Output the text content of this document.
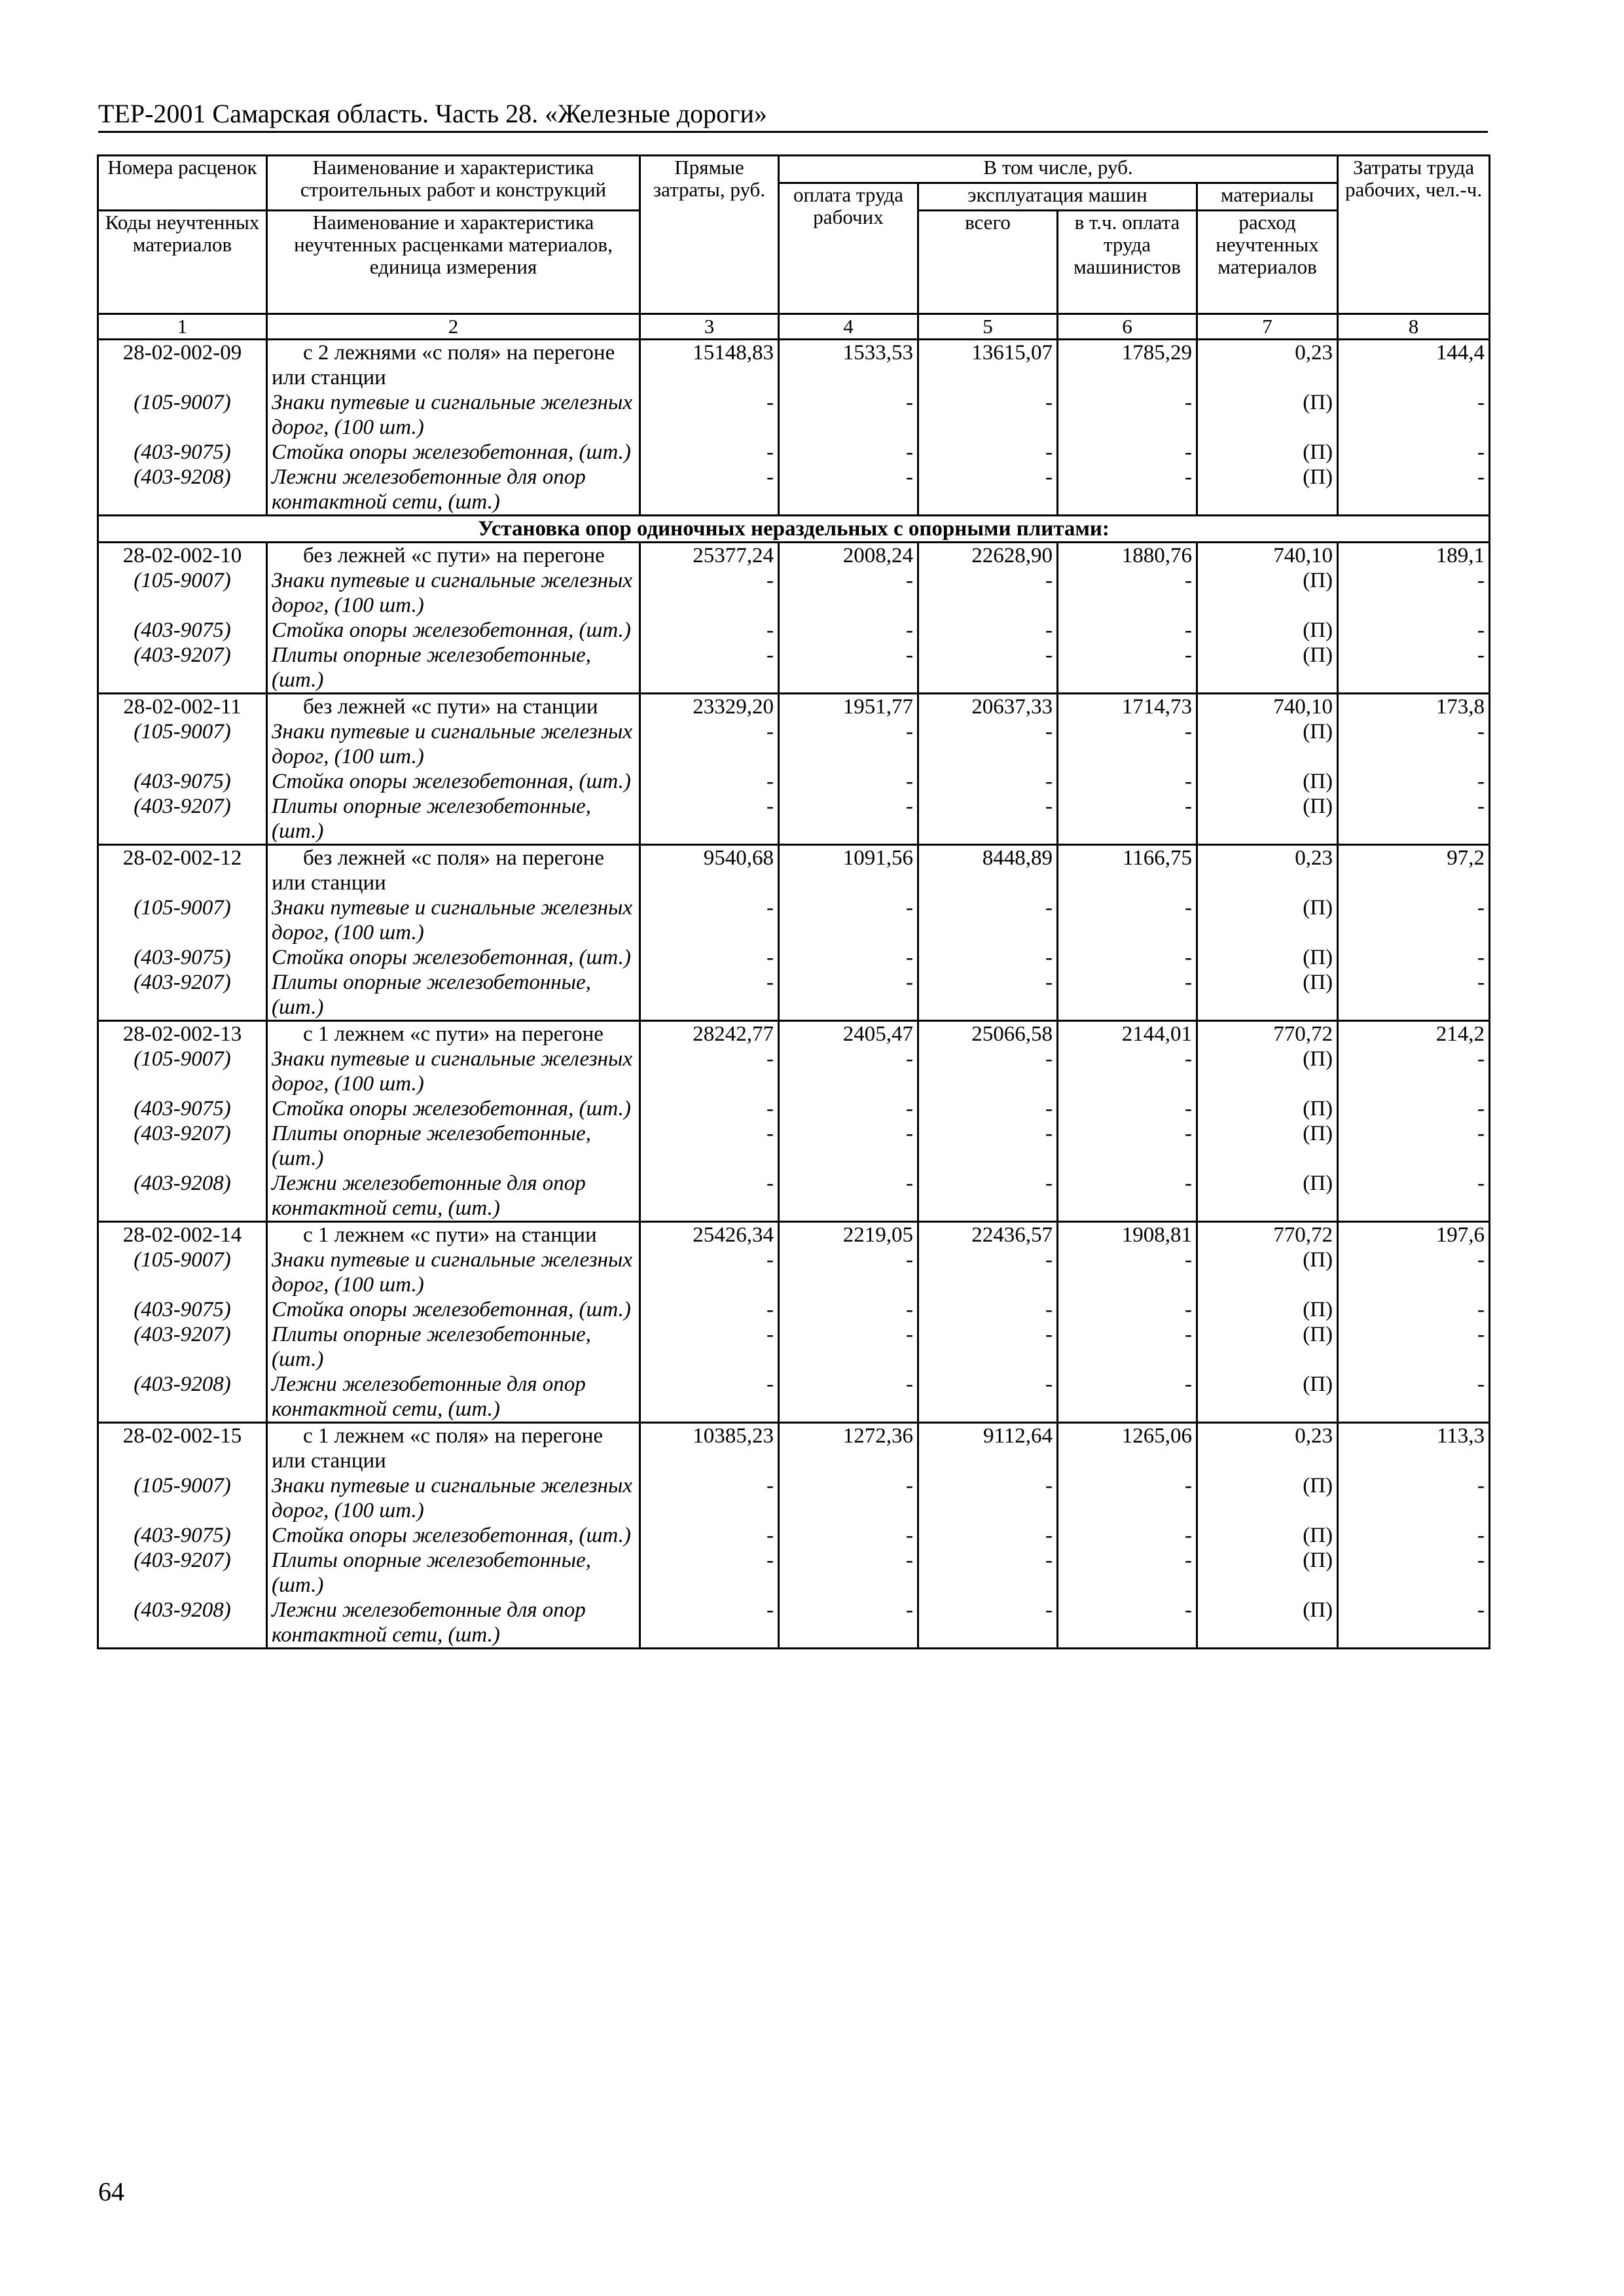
ТЕР-2001 Самарская область. Часть 28. «Железные дороги»
Номера расценок	Наименование и характеристика строительных работ и конструкций	Прямые затраты, руб.	В том числе, руб.				Затраты труда рабочих, чел.-ч.
			оплата труда рабочих	эксплуатация машин		материалы	
Коды неучтенных материалов	Наименование и характеристика неучтенных расценками материалов, единица измерения			всего	в т.ч. оплата труда машинистов	расход неучтенных материалов	
1	2	3	4	5	6	7	8
28-02-002-09	с 2 лежнями «с поля» на перегоне или станции	15148,83	1533,53	13615,07	1785,29	0,23	144,4
(105-9007)	Знаки путевые и сигнальные железных дорог, (100 шт.)	-	-	-	-	(П)	-
(403-9075)	Стойка опоры железобетонная, (шт.)	-	-	-	-	(П)	-
(403-9208)	Лежни железобетонные для опор контактной сети, (шт.)	-	-	-	-	(П)	-
Установка опор одиночных нераздельных с опорными плитами:							
28-02-002-10	без лежней «с пути» на перегоне	25377,24	2008,24	22628,90	1880,76	740,10	189,1
(105-9007)	Знаки путевые и сигнальные железных дорог, (100 шт.)	-	-	-	-	(П)	-
(403-9075)	Стойка опоры железобетонная, (шт.)	-	-	-	-	(П)	-
(403-9207)	Плиты опорные железобетонные, (шт.)	-	-	-	-	(П)	-
28-02-002-11	без лежней «с пути» на станции	23329,20	1951,77	20637,33	1714,73	740,10	173,8
(105-9007)	Знаки путевые и сигнальные железных дорог, (100 шт.)	-	-	-	-	(П)	-
(403-9075)	Стойка опоры железобетонная, (шт.)	-	-	-	-	(П)	-
(403-9207)	Плиты опорные железобетонные, (шт.)	-	-	-	-	(П)	-
28-02-002-12	без лежней «с поля» на перегоне или станции	9540,68	1091,56	8448,89	1166,75	0,23	97,2
(105-9007)	Знаки путевые и сигнальные железных дорог, (100 шт.)	-	-	-	-	(П)	-
(403-9075)	Стойка опоры железобетонная, (шт.)	-	-	-	-	(П)	-
(403-9207)	Плиты опорные железобетонные, (шт.)	-	-	-	-	(П)	-
28-02-002-13	с 1 лежнем «с пути» на перегоне	28242,77	2405,47	25066,58	2144,01	770,72	214,2
(105-9007)	Знаки путевые и сигнальные железных дорог, (100 шт.)	-	-	-	-	(П)	-
(403-9075)	Стойка опоры железобетонная, (шт.)	-	-	-	-	(П)	-
(403-9207)	Плиты опорные железобетонные, (шт.)	-	-	-	-	(П)	-
(403-9208)	Лежни железобетонные для опор контактной сети, (шт.)	-	-	-	-	(П)	-
28-02-002-14	с 1 лежнем «с пути» на станции	25426,34	2219,05	22436,57	1908,81	770,72	197,6
(105-9007)	Знаки путевые и сигнальные железных дорог, (100 шт.)	-	-	-	-	(П)	-
(403-9075)	Стойка опоры железобетонная, (шт.)	-	-	-	-	(П)	-
(403-9207)	Плиты опорные железобетонные, (шт.)	-	-	-	-	(П)	-
(403-9208)	Лежни железобетонные для опор контактной сети, (шт.)	-	-	-	-	(П)	-
28-02-002-15	с 1 лежнем «с поля» на перегоне или станции	10385,23	1272,36	9112,64	1265,06	0,23	113,3
(105-9007)	Знаки путевые и сигнальные железных дорог, (100 шт.)	-	-	-	-	(П)	-
(403-9075)	Стойка опоры железобетонная, (шт.)	-	-	-	-	(П)	-
(403-9207)	Плиты опорные железобетонные, (шт.)	-	-	-	-	(П)	-
(403-9208)	Лежни железобетонные для опор контактной сети, (шт.)	-	-	-	-	(П)	-
64
